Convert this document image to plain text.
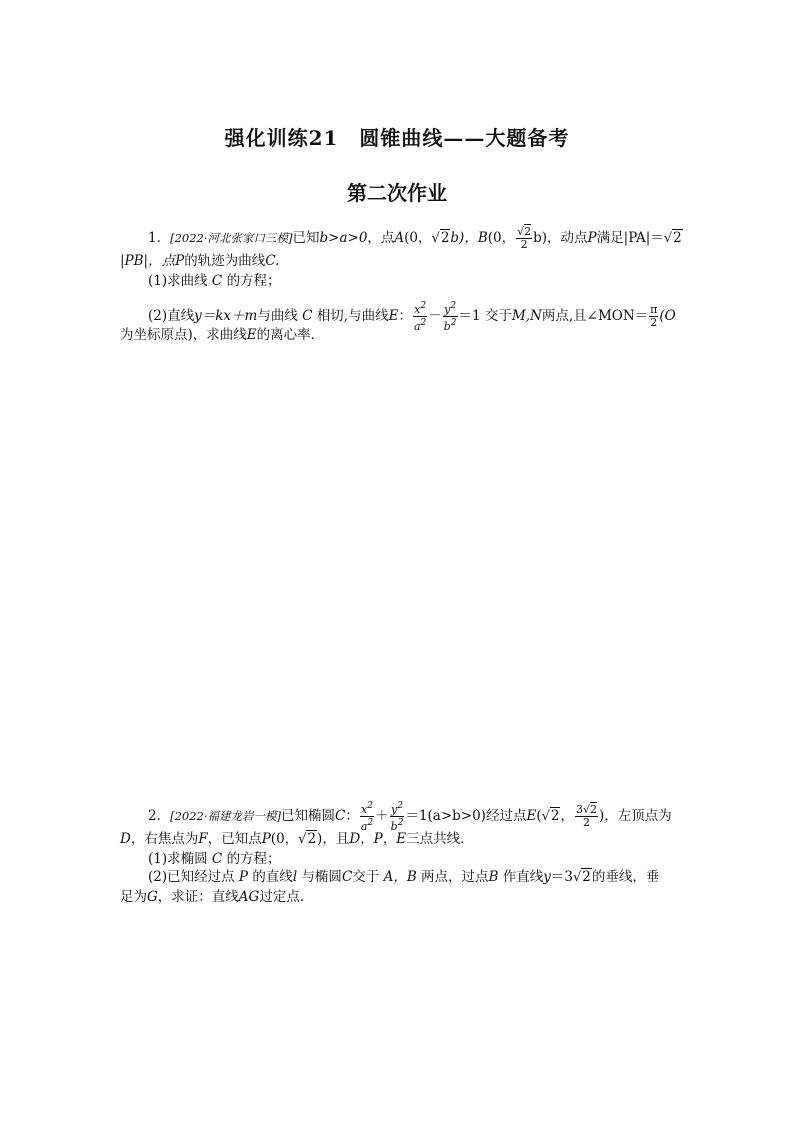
强化训练21　圆锥曲线——大题备考
第二次作业
1．[2022·河北张家口三模]已知b>a>0，点A(0，√2b)，B(0， $\frac{√2}{2} b$)，动点P满足|PA|＝√2
|PB|，点P的轨迹为曲线C.
(1)求曲线 C 的方程；
(2)直线y＝kx＋m与曲线 C 相切,与曲线E： $\frac{x^2}{a^2} - \frac{y^2}{b^2} =1$ 交于M,N两点,且∠MON＝ $\frac{\pi}{2} (O$
为坐标原点)，求曲线E的离心率．
2．[2022·福建龙岩一模]已知椭圆C： $\frac{x^2}{a^2} + \frac{y^2}{b^2} =1(a>b>0)$经过点E(√2， $\frac{3√2}{2}$ )，左顶点为
D，右焦点为F，已知点P(0，√2)，且D，P，E三点共线．
(1)求椭圆 C 的方程；
(2)已知经过点 P 的直线l 与椭圆C交于 A，B 两点，过点B 作直线y＝3√2的垂线，垂
足为G，求证：直线AG过定点．
